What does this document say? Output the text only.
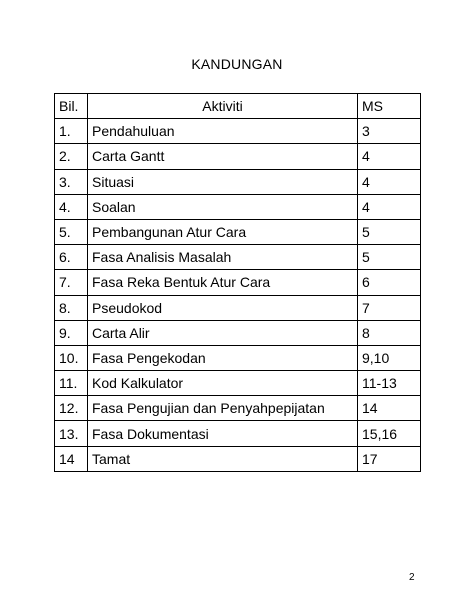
KANDUNGAN
Bil.	Aktiviti	MS
1.	Pendahuluan	3
2.	Carta Gantt	4
3.	Situasi	4
4.	Soalan	4
5.	Pembangunan Atur Cara	5
6.	Fasa Analisis Masalah	5
7.	Fasa Reka Bentuk Atur Cara	6
8.	Pseudokod	7
9.	Carta Alir	8
10.	Fasa Pengekodan	9,10
11.	Kod Kalkulator	11-13
12.	Fasa Pengujian dan Penyahpepijatan	14
13.	Fasa Dokumentasi	15,16
14	Tamat	17
2
